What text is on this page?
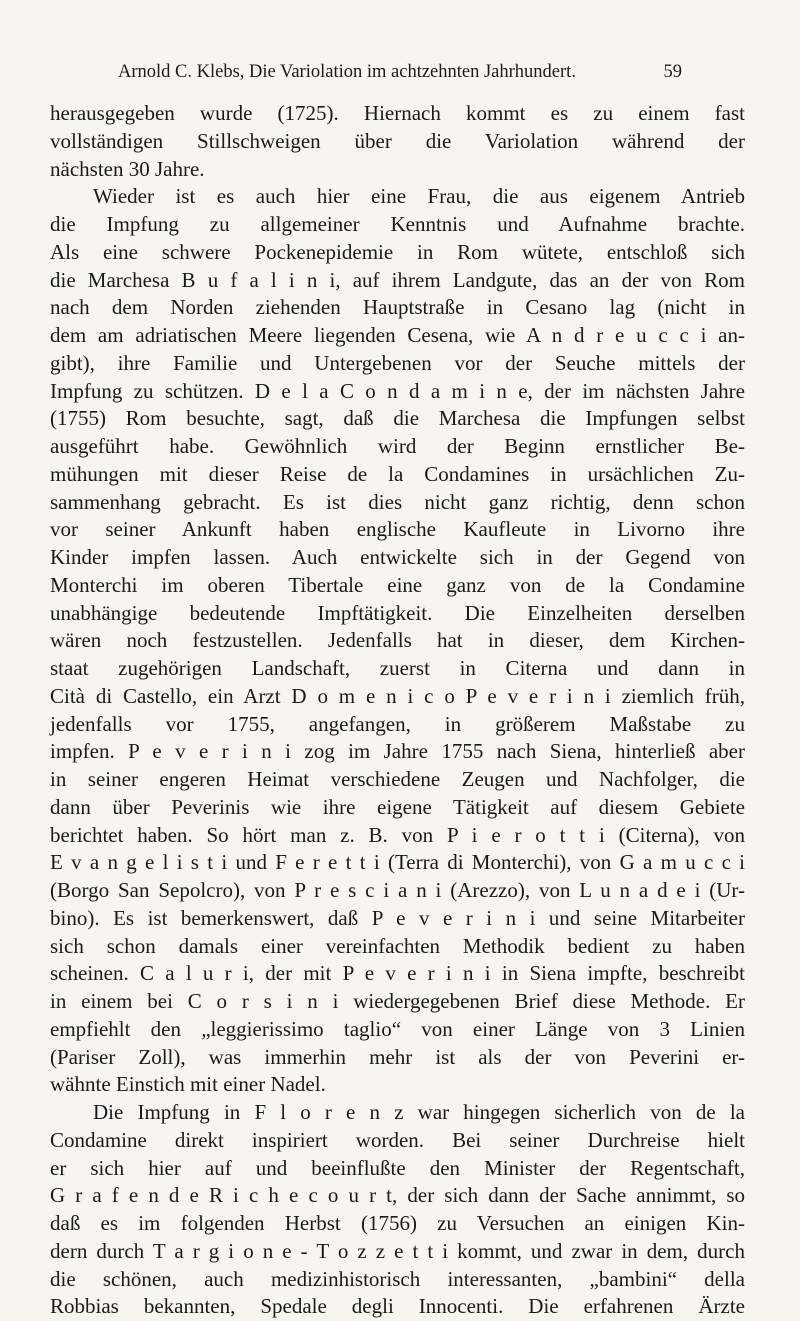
Arnold C. Klebs, Die Variolation im achtzehnten Jahrhundert.	59
herausgegeben wurde (1725). Hiernach kommt es zu einem fast
vollständigen Stillschweigen über die Variolation während der
nächsten 30 Jahre.
Wieder ist es auch hier eine Frau, die aus eigenem Antrieb
die Impfung zu allgemeiner Kenntnis und Aufnahme brachte.
Als eine schwere Pockenepidemie in Rom wütete, entschloß sich
die Marchesa B u f a l i n i, auf ihrem Landgute, das an der von Rom
nach dem Norden ziehenden Hauptstraße in Cesano lag (nicht in
dem am adriatischen Meere liegenden Cesena, wie A n d r e u c c i an-
gibt), ihre Familie und Untergebenen vor der Seuche mittels der
Impfung zu schützen. D e l a C o n d a m i n e, der im nächsten Jahre
(1755) Rom besuchte, sagt, daß die Marchesa die Impfungen selbst
ausgeführt habe. Gewöhnlich wird der Beginn ernstlicher Be-
mühungen mit dieser Reise de la Condamines in ursächlichen Zu-
sammenhang gebracht. Es ist dies nicht ganz richtig, denn schon
vor seiner Ankunft haben englische Kaufleute in Livorno ihre
Kinder impfen lassen. Auch entwickelte sich in der Gegend von
Monterchi im oberen Tibertale eine ganz von de la Condamine
unabhängige bedeutende Impftätigkeit. Die Einzelheiten derselben
wären noch festzustellen. Jedenfalls hat in dieser, dem Kirchen-
staat zugehörigen Landschaft, zuerst in Citerna und dann in
Cità di Castello, ein Arzt D o m e n i c o P e v e r i n i ziemlich früh,
jedenfalls vor 1755, angefangen, in größerem Maßstabe zu
impfen. P e v e r i n i zog im Jahre 1755 nach Siena, hinterließ aber
in seiner engeren Heimat verschiedene Zeugen und Nachfolger, die
dann über Peverinis wie ihre eigene Tätigkeit auf diesem Gebiete
berichtet haben. So hört man z. B. von P i e r o t t i (Citerna), von
E v a n g e l i s t i und F e r e t t i (Terra di Monterchi), von G a m u c c i
(Borgo San Sepolcro), von P r e s c i a n i (Arezzo), von L u n a d e i (Ur-
bino). Es ist bemerkenswert, daß P e v e r i n i und seine Mitarbeiter
sich schon damals einer vereinfachten Methodik bedient zu haben
scheinen. C a l u r i, der mit P e v e r i n i in Siena impfte, beschreibt
in einem bei C o r s i n i wiedergegebenen Brief diese Methode. Er
empfiehlt den „leggierissimo taglio“ von einer Länge von 3 Linien
(Pariser Zoll), was immerhin mehr ist als der von Peverini er-
wähnte Einstich mit einer Nadel.
Die Impfung in F l o r e n z war hingegen sicherlich von de la
Condamine direkt inspiriert worden. Bei seiner Durchreise hielt
er sich hier auf und beeinflußte den Minister der Regentschaft,
G r a f e n d e R i c h e c o u r t, der sich dann der Sache annimmt, so
daß es im folgenden Herbst (1756) zu Versuchen an einigen Kin-
dern durch T a r g i o n e - T o z z e t t i kommt, und zwar in dem, durch
die schönen, auch medizinhistorisch interessanten, „bambini“ della
Robbias bekannten, Spedale degli Innocenti. Die erfahrenen Ärzte
